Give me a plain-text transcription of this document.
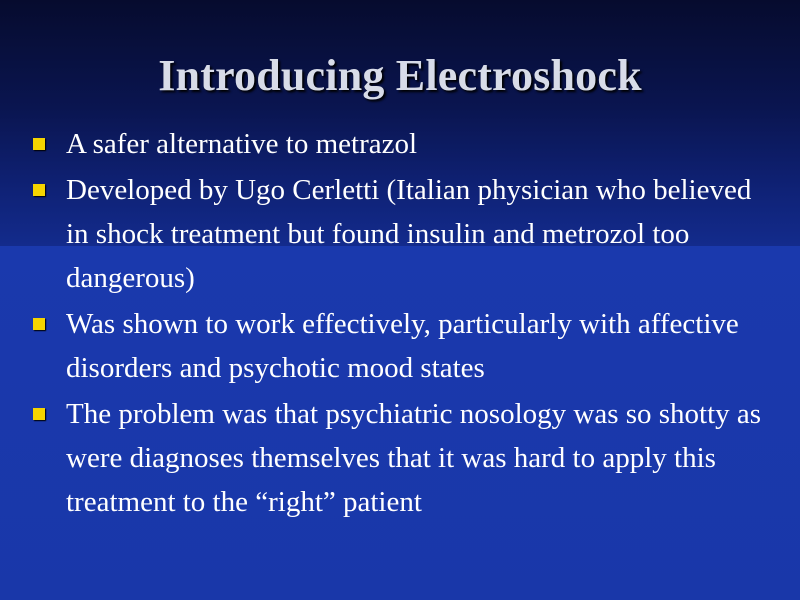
Introducing Electroshock
A safer alternative to metrazol
Developed by Ugo Cerletti (Italian physician who believed in shock treatment but found insulin and metrozol too dangerous)
Was shown to work effectively, particularly with affective disorders and psychotic mood states
The problem was that psychiatric nosology was so shotty as were diagnoses themselves that it was hard to apply this treatment to the “right” patient
